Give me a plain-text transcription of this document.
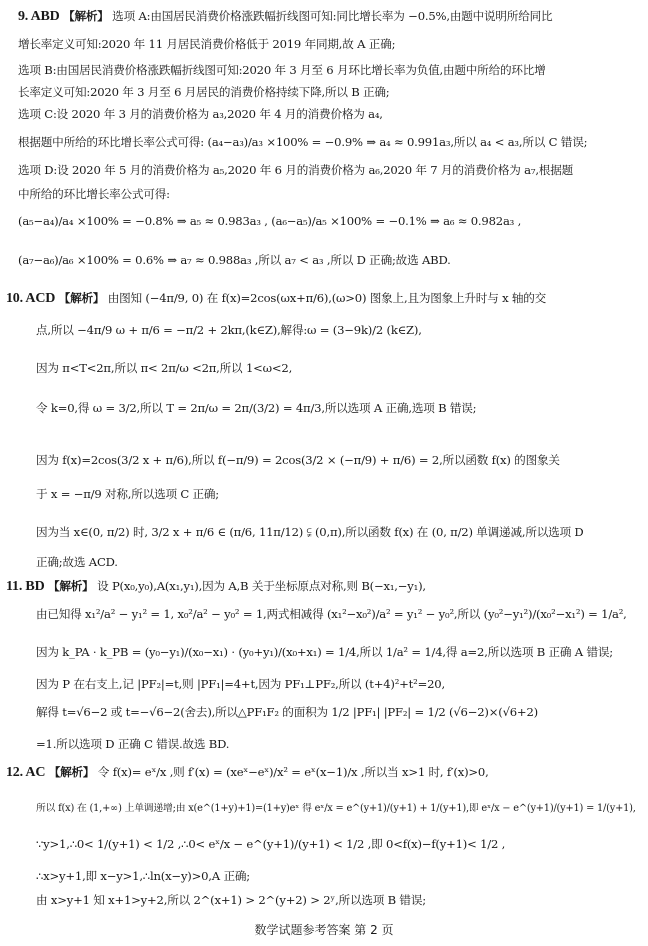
9. ABD 【解析】 选项 A:由国居民消费价格涨跌幅折线图可知:同比增长率为 −0.5%,由题中说明所给同比
增长率定义可知:2020 年 11 月居民消费价格低于 2019 年同期,故 A 正确;
选项 B:由国居民消费价格涨跌幅折线图可知:2020 年 3 月至 6 月环比增长率为负值,由题中所给的环比增
长率定义可知:2020 年 3 月至 6 月居民的消费价格持续下降,所以 B 正确;
选项 C:设 2020 年 3 月的消费价格为 a₃,2020 年 4 月的消费价格为 a₄,
根据题中所给的环比增长率公式可得: (a₄−a₃)/a₃ ×100% = −0.9% ⇒ a₄ ≈ 0.991a₃,所以 a₄ < a₃,所以 C 错误;
选项 D:设 2020 年 5 月的消费价格为 a₅,2020 年 6 月的消费价格为 a₆,2020 年 7 月的消费价格为 a₇,根据题
中所给的环比增长率公式可得:
(a₅−a₄)/a₄ ×100% = −0.8% ⇒ a₅ ≈ 0.983a₃ , (a₆−a₅)/a₅ ×100% = −0.1% ⇒ a₆ ≈ 0.982a₃ ,
(a₇−a₆)/a₆ ×100% = 0.6% ⇒ a₇ ≈ 0.988a₃ ,所以 a₇ < a₃ ,所以 D 正确;故选 ABD.
10. ACD 【解析】 由图知 (−4π/9, 0) 在 f(x)=2cos(ωx+π/6),(ω>0) 图象上,且为图象上升时与 x 轴的交
点,所以 −4π/9 ω + π/6 = −π/2 + 2kπ,(k∈Z),解得:ω = (3−9k)/2 (k∈Z),
因为 π<T<2π,所以 π< 2π/ω <2π,所以 1<ω<2,
令 k=0,得 ω = 3/2,所以 T = 2π/ω = 2π/(3/2) = 4π/3,所以选项 A 正确,选项 B 错误;
因为 f(x)=2cos(3/2 x + π/6),所以 f(−π/9) = 2cos(3/2 × (−π/9) + π/6) = 2,所以函数 f(x) 的图象关
于 x = −π/9 对称,所以选项 C 正确;
因为当 x∈(0, π/2) 时, 3/2 x + π/6 ∈ (π/6, 11π/12) ⫋ (0,π),所以函数 f(x) 在 (0, π/2) 单调递减,所以选项 D
正确;故选 ACD.
11. BD 【解析】 设 P(x₀,y₀),A(x₁,y₁),因为 A,B 关于坐标原点对称,则 B(−x₁,−y₁),
由已知得 x₁²/a² − y₁² = 1, x₀²/a² − y₀² = 1,两式相减得 (x₁²−x₀²)/a² = y₁² − y₀²,所以 (y₀²−y₁²)/(x₀²−x₁²) = 1/a²,
因为 k_PA · k_PB = (y₀−y₁)/(x₀−x₁) · (y₀+y₁)/(x₀+x₁) = 1/4,所以 1/a² = 1/4,得 a=2,所以选项 B 正确 A 错误;
因为 P 在右支上,记 |PF₂|=t,则 |PF₁|=4+t,因为 PF₁⊥PF₂,所以 (t+4)²+t²=20,
解得 t=√6−2 或 t=−√6−2(舍去),所以△PF₁F₂ 的面积为 1/2 |PF₁| |PF₂| = 1/2 (√6−2)×(√6+2)
=1.所以选项 D 正确 C 错误.故选 BD.
12. AC 【解析】 令 f(x)= eˣ/x ,则 f′(x) = (xeˣ−eˣ)/x² = eˣ(x−1)/x ,所以当 x>1 时, f′(x)>0,
所以 f(x) 在 (1,+∞) 上单调递增;由 x(e^(1+y)+1)=(1+y)eˣ 得 eˣ/x = e^(y+1)/(y+1) + 1/(y+1),即 eˣ/x − e^(y+1)/(y+1) = 1/(y+1),
∵y>1,∴0< 1/(y+1) < 1/2 ,∴0< eˣ/x − e^(y+1)/(y+1) < 1/2 ,即 0<f(x)−f(y+1)< 1/2 ,
∴x>y+1,即 x−y>1,∴ln(x−y)>0,A 正确;
由 x>y+1 知 x+1>y+2,所以 2^(x+1) > 2^(y+2) > 2ʸ,所以选项 B 错误;
数学试题参考答案 第 2 页
